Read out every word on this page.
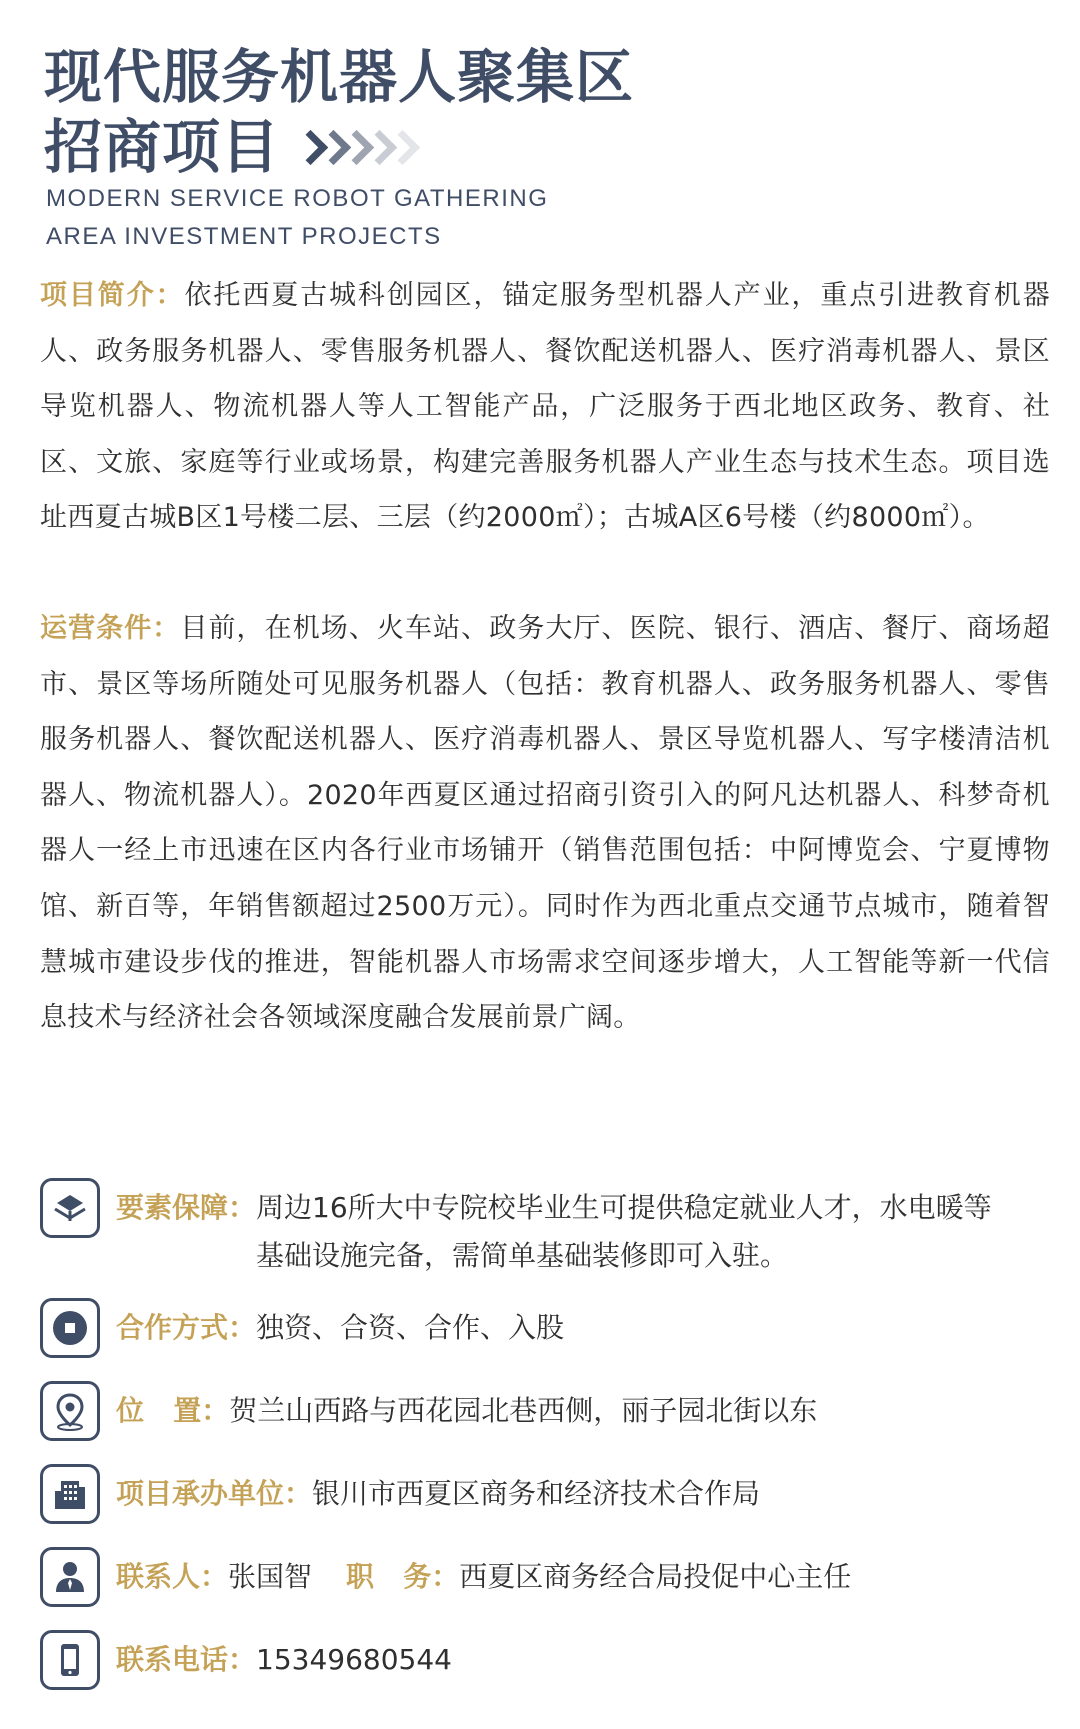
现代服务机器人聚集区
招商项目

MODERN SERVICE ROBOT GATHERING
AREA INVESTMENT PROJECTS

项目简介：依托西夏古城科创园区，锚定服务型机器人产业，重点引进教育机器人、政务服务机器人、零售服务机器人、餐饮配送机器人、医疗消毒机器人、景区导览机器人、物流机器人等人工智能产品，广泛服务于西北地区政务、教育、社区、文旅、家庭等行业或场景，构建完善服务机器人产业生态与技术生态。项目选址西夏古城B区1号楼二层、三层（约2000㎡）；古城A区6号楼（约8000㎡）。

运营条件：目前，在机场、火车站、政务大厅、医院、银行、酒店、餐厅、商场超市、景区等场所随处可见服务机器人（包括：教育机器人、政务服务机器人、零售服务机器人、餐饮配送机器人、医疗消毒机器人、景区导览机器人、写字楼清洁机器人、物流机器人）。2020年西夏区通过招商引资引入的阿凡达机器人、科梦奇机器人一经上市迅速在区内各行业市场铺开（销售范围包括：中阿博览会、宁夏博物馆、新百等，年销售额超过2500万元）。同时作为西北重点交通节点城市，随着智慧城市建设步伐的推进，智能机器人市场需求空间逐步增大，人工智能等新一代信息技术与经济社会各领域深度融合发展前景广阔。

要素保障： 周边16所大中专院校毕业生可提供稳定就业人才，水电暖等基础设施完备，需简单基础装修即可入驻。
合作方式：独资、合资、合作、入股
位   置：贺兰山西路与西花园北巷西侧，丽子园北街以东
项目承办单位：银川市西夏区商务和经济技术合作局
联系人：张国智 职   务：西夏区商务经合局投促中心主任
联系电话：15349680544
